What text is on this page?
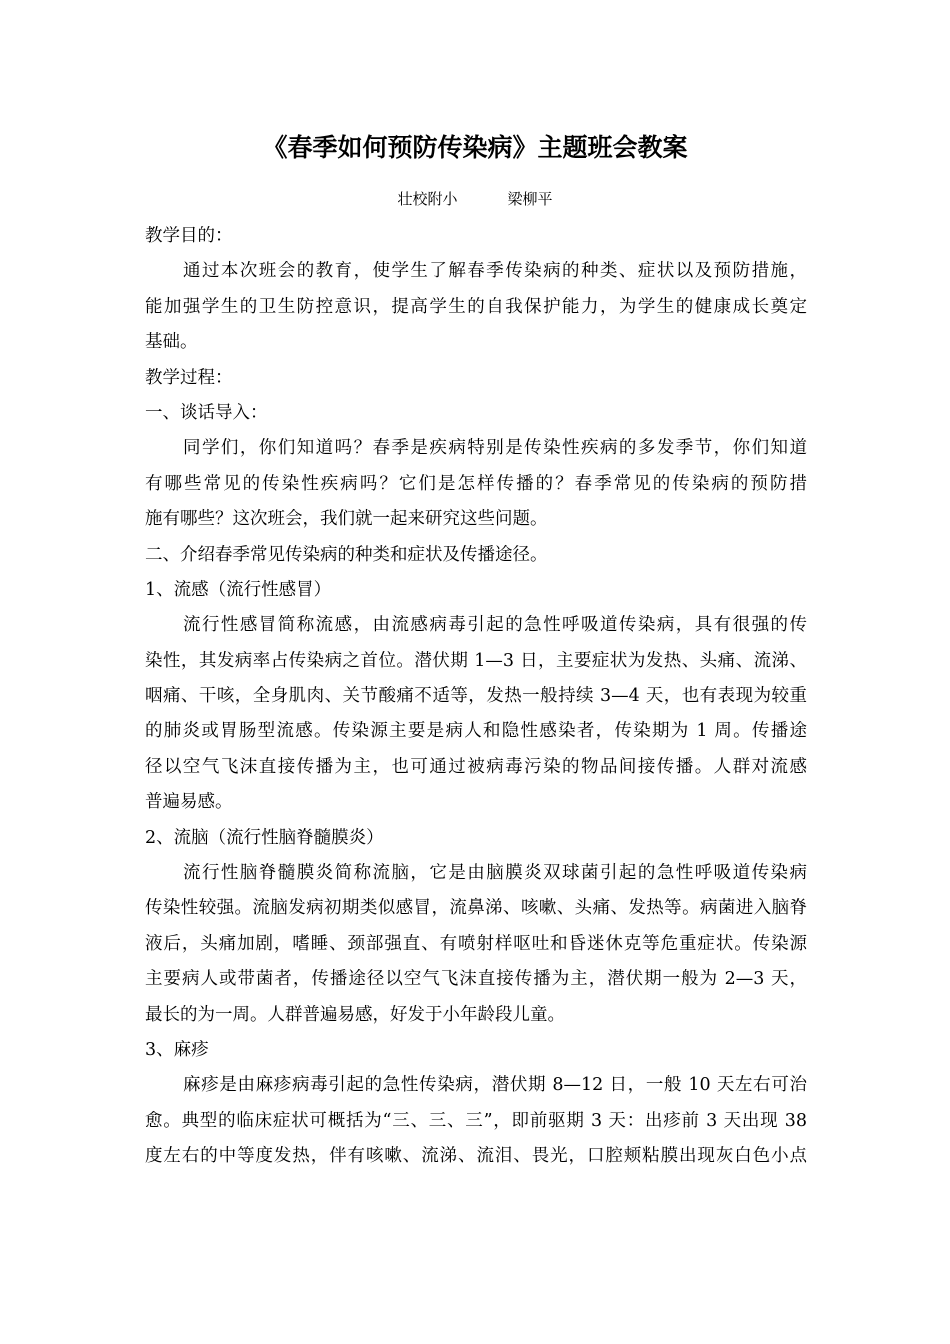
《春季如何预防传染病》主题班会教案
壮校附小	梁柳平
教学目的：
通过本次班会的教育，使学生了解春季传染病的种类、症状以及预防措施，
能加强学生的卫生防控意识，提高学生的自我保护能力，为学生的健康成长奠定
基础。
教学过程：
一、谈话导入：
同学们，你们知道吗？春季是疾病特别是传染性疾病的多发季节，你们知道
有哪些常见的传染性疾病吗？它们是怎样传播的？春季常见的传染病的预防措
施有哪些？这次班会，我们就一起来研究这些问题。
二、介绍春季常见传染病的种类和症状及传播途径。
1、流感（流行性感冒）
流行性感冒简称流感，由流感病毒引起的急性呼吸道传染病，具有很强的传
染性，其发病率占传染病之首位。潜伏期 1—3 日，主要症状为发热、头痛、流涕、
咽痛、干咳，全身肌肉、关节酸痛不适等，发热一般持续 3—4 天，也有表现为较重
的肺炎或胃肠型流感。传染源主要是病人和隐性感染者，传染期为 1 周。传播途
径以空气飞沫直接传播为主，也可通过被病毒污染的物品间接传播。人群对流感
普遍易感。
2、流脑（流行性脑脊髓膜炎）
流行性脑脊髓膜炎简称流脑，它是由脑膜炎双球菌引起的急性呼吸道传染病
传染性较强。流脑发病初期类似感冒，流鼻涕、咳嗽、头痛、发热等。病菌进入脑脊
液后，头痛加剧，嗜睡、颈部强直、有喷射样呕吐和昏迷休克等危重症状。传染源
主要病人或带菌者，传播途径以空气飞沫直接传播为主，潜伏期一般为 2—3 天，
最长的为一周。人群普遍易感，好发于小年龄段儿童。
3、麻疹
麻疹是由麻疹病毒引起的急性传染病，潜伏期 8—12 日，一般 10 天左右可治
愈。典型的临床症状可概括为“三、三、三”，即前驱期 3 天：出疹前 3 天出现 38
度左右的中等度发热，伴有咳嗽、流涕、流泪、畏光，口腔颊粘膜出现灰白色小点
